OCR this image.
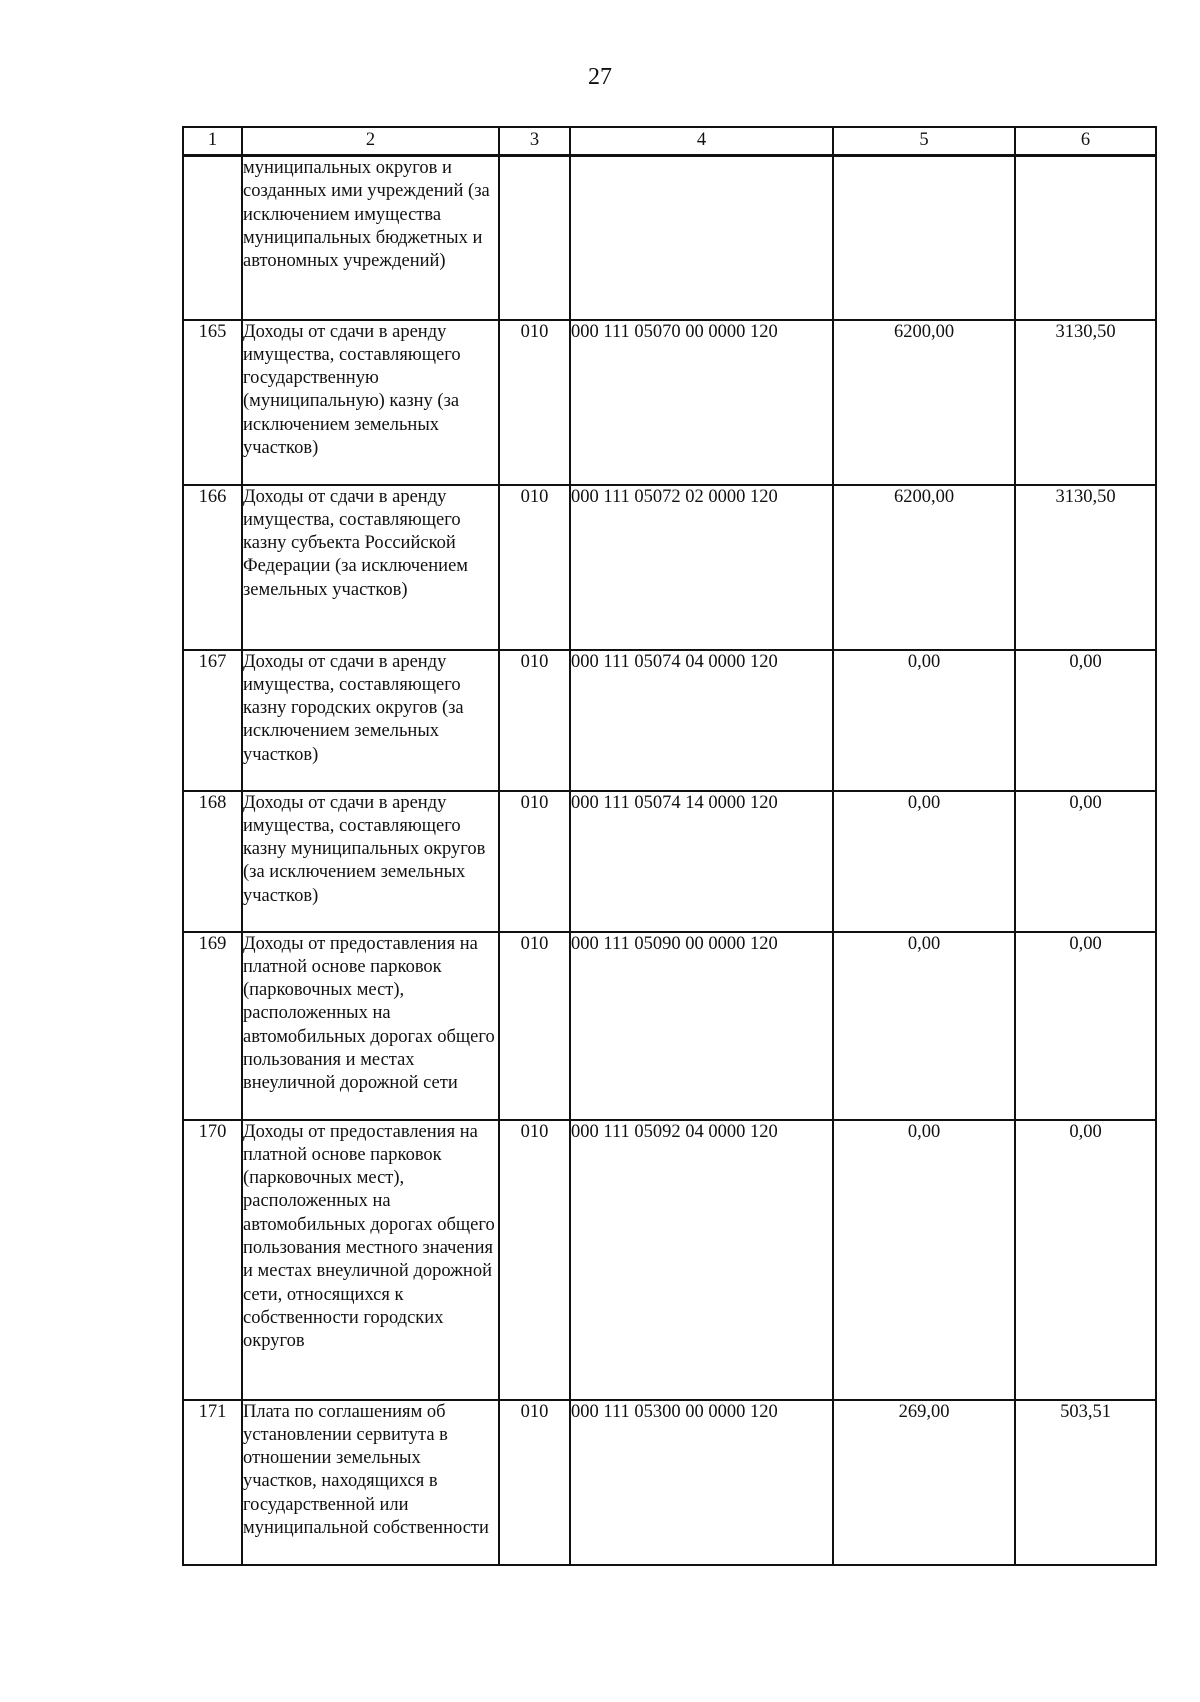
27
1	2	3	4	5	6
	муниципальных округов и созданных ими учреждений (за исключением имущества муниципальных бюджетных и автономных учреждений)				
165	Доходы от сдачи в аренду имущества, составляющего государственную (муниципальную) казну (за исключением земельных участков)	010	000 111 05070 00 0000 120	6200,00	3130,50
166	Доходы от сдачи в аренду имущества, составляющего казну субъекта Российской Федерации (за исключением земельных участков)	010	000 111 05072 02 0000 120	6200,00	3130,50
167	Доходы от сдачи в аренду имущества, составляющего казну городских округов (за исключением земельных участков)	010	000 111 05074 04 0000 120	0,00	0,00
168	Доходы от сдачи в аренду имущества, составляющего казну муниципальных округов (за исключением земельных участков)	010	000 111 05074 14 0000 120	0,00	0,00
169	Доходы от предоставления на платной основе парковок (парковочных мест), расположенных на автомобильных дорогах общего пользования и местах внеуличной дорожной сети	010	000 111 05090 00 0000 120	0,00	0,00
170	Доходы от предоставления на платной основе парковок (парковочных мест), расположенных на автомобильных дорогах общего пользования местного значения и местах внеуличной дорожной сети, относящихся к собственности городских округов	010	000 111 05092 04 0000 120	0,00	0,00
171	Плата по соглашениям об установлении сервитута в отношении земельных участков, находящихся в государственной или муниципальной собственности	010	000 111 05300 00 0000 120	269,00	503,51
